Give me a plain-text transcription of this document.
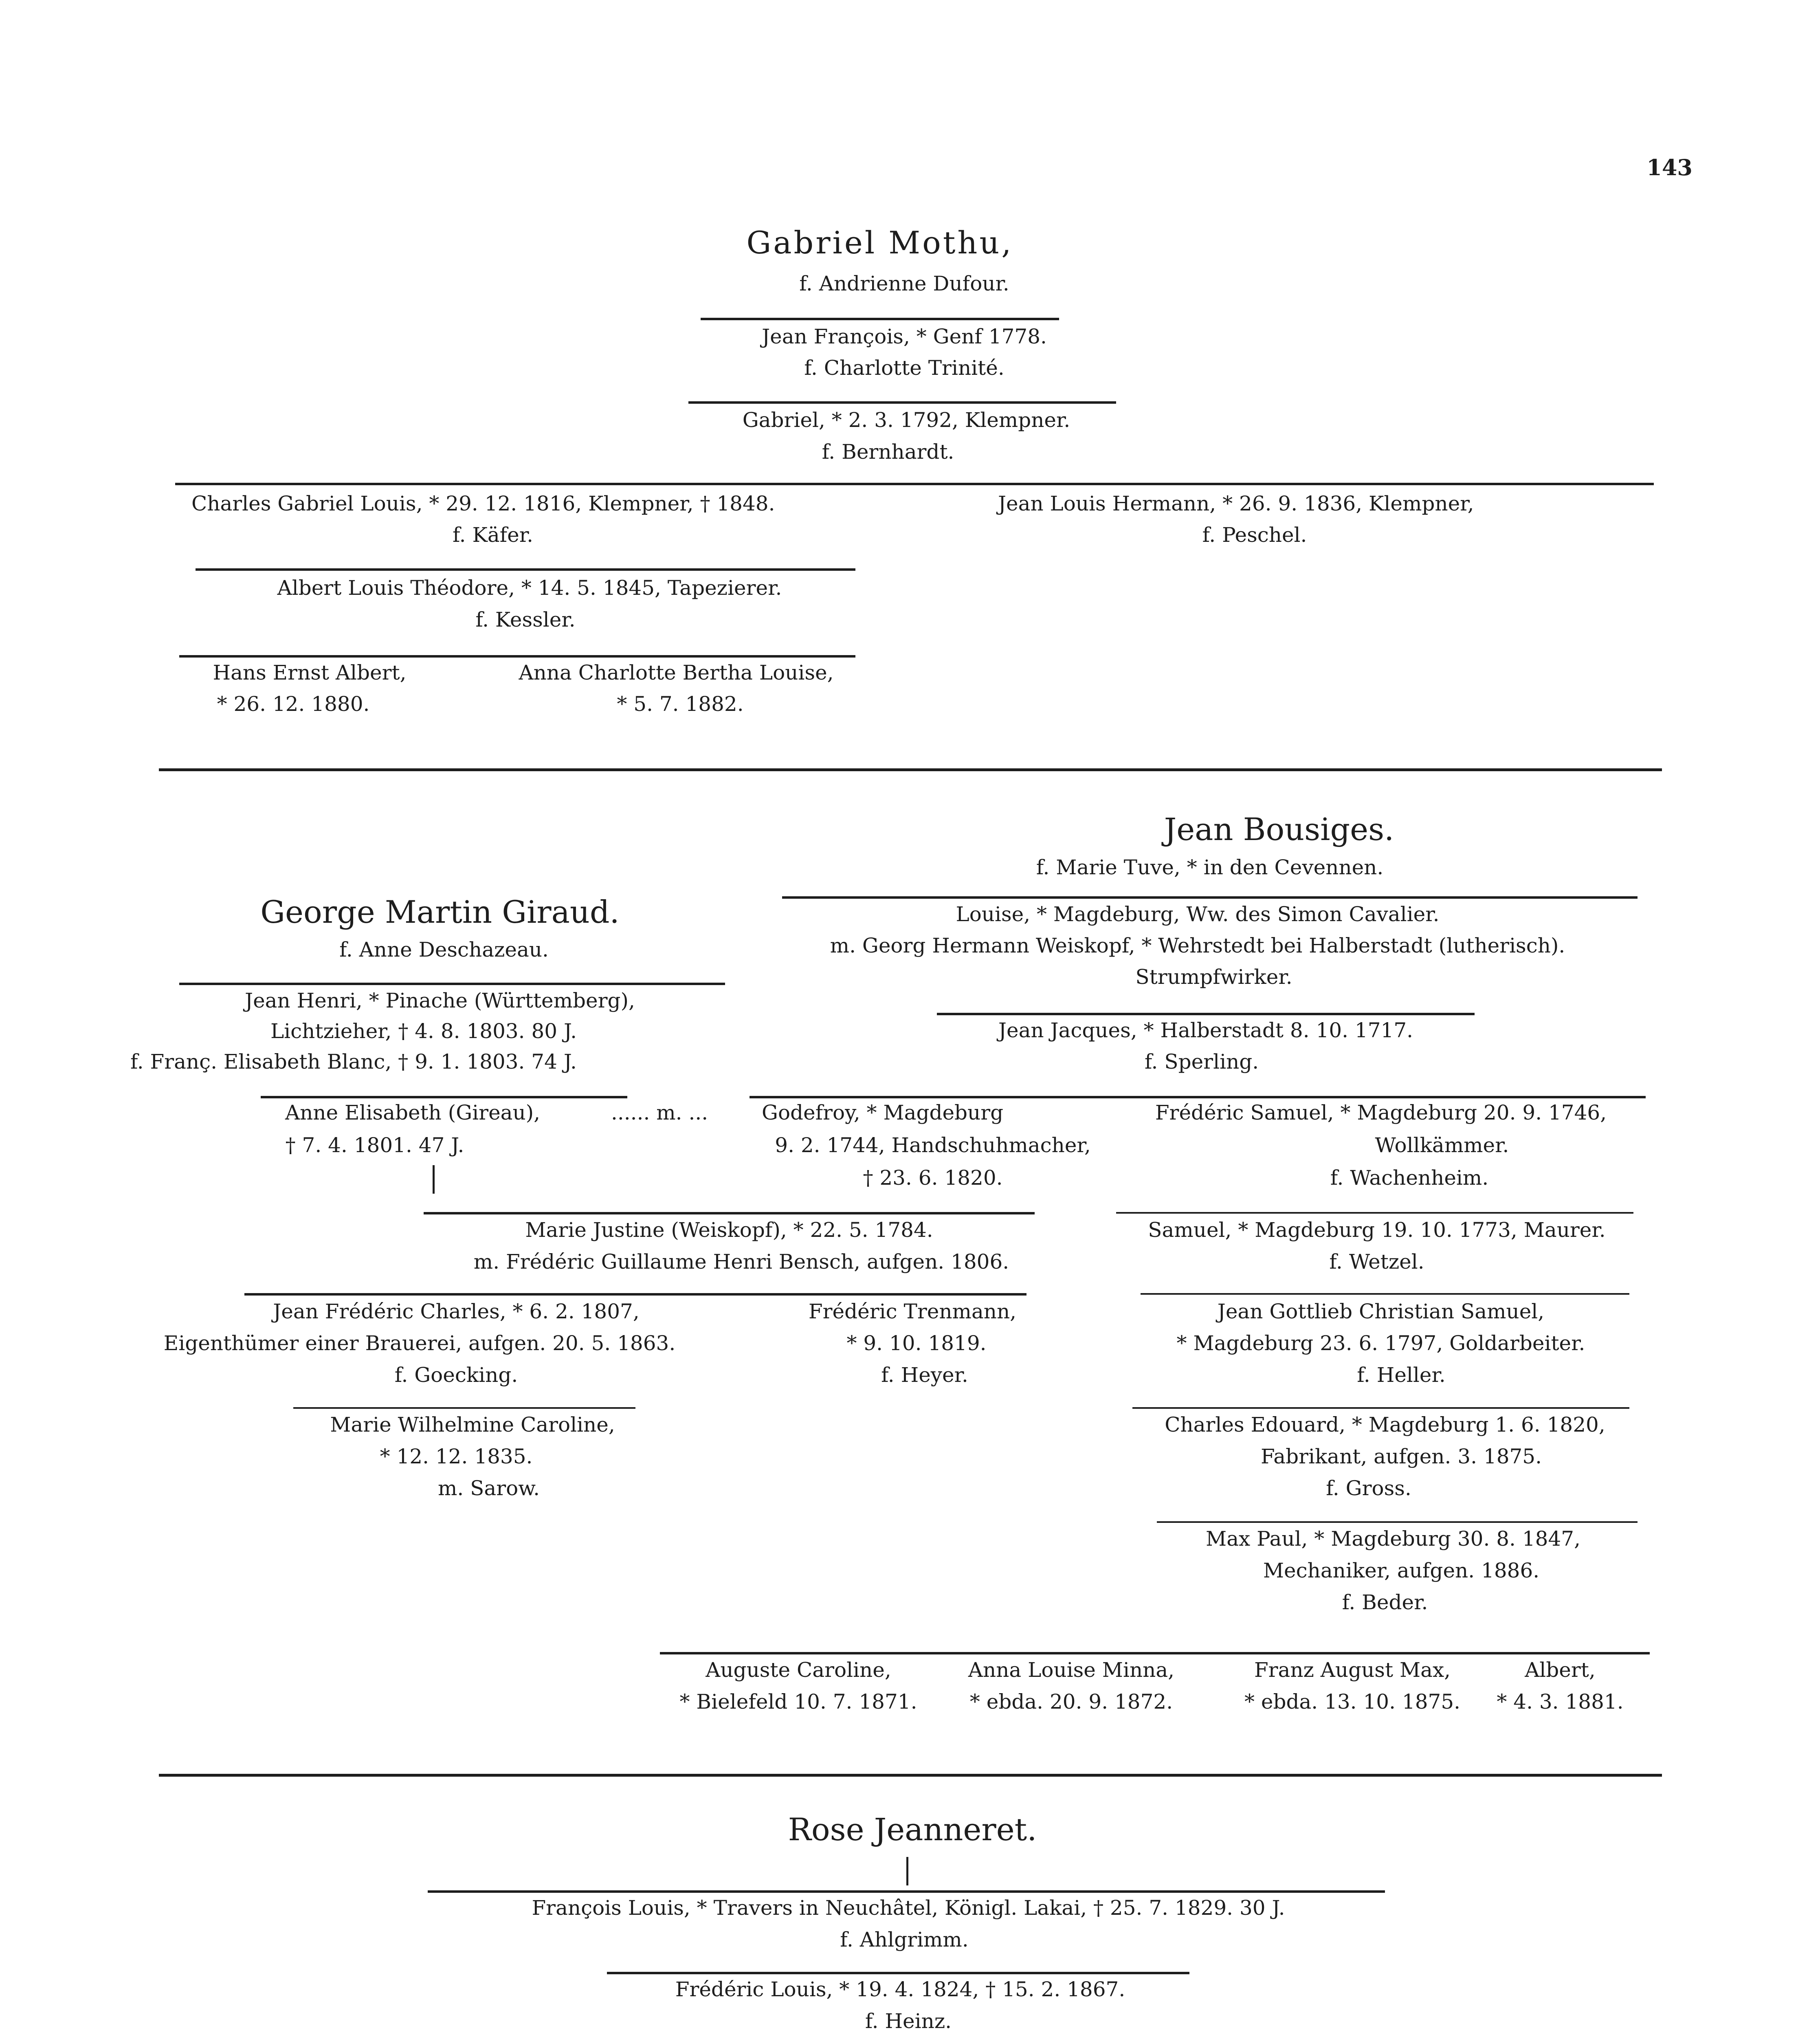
143
Gabriel Mothu,
f. Andrienne Dufour.
Jean François, * Genf 1778.
f. Charlotte Trinité.
Gabriel, * 2. 3. 1792, Klempner.
f. Bernhardt.
Charles Gabriel Louis, * 29. 12. 1816, Klempner, † 1848.
f. Käfer.
Jean Louis Hermann, * 26. 9. 1836, Klempner,
f. Peschel.
Albert Louis Théodore, * 14. 5. 1845, Tapezierer.
f. Kessler.
Hans Ernst Albert,
* 26. 12. 1880.
Anna Charlotte Bertha Louise,
* 5. 7. 1882.
George Martin Giraud.
f. Anne Deschazeau.
Jean Henri, * Pinache (Württemberg),
Lichtzieher, † 4. 8. 1803. 80 J.
f. Franç. Elisabeth Blanc, † 9. 1. 1803. 74 J.
Anne Elisabeth (Gireau),	...... m. ...
† 7. 4. 1801. 47 J.
Jean Bousiges.
f. Marie Tuve, * in den Cevennen.
Louise, * Magdeburg, Ww. des Simon Cavalier.
m. Georg Hermann Weiskopf, * Wehrstedt bei Halberstadt (lutherisch).
Strumpfwirker.
Jean Jacques, * Halberstadt 8. 10. 1717.
f. Sperling.
Godefroy, * Magdeburg
9. 2. 1744, Handschuhmacher,
† 23. 6. 1820.
Frédéric Samuel, * Magdeburg 20. 9. 1746,
Wollkämmer.
f. Wachenheim.
Samuel, * Magdeburg 19. 10. 1773, Maurer.
f. Wetzel.
Jean Gottlieb Christian Samuel,
* Magdeburg 23. 6. 1797, Goldarbeiter.
f. Heller.
Charles Edouard, * Magdeburg 1. 6. 1820,
Fabrikant, aufgen. 3. 1875.
f. Gross.
Max Paul, * Magdeburg 30. 8. 1847,
Mechaniker, aufgen. 1886.
f. Beder.
Auguste Caroline,
* Bielefeld 10. 7. 1871.
Anna Louise Minna,
* ebda. 20. 9. 1872.
Franz August Max,
* ebda. 13. 10. 1875.
Albert,
* 4. 3. 1881.
Marie Justine (Weiskopf), * 22. 5. 1784.
m. Frédéric Guillaume Henri Bensch, aufgen. 1806.
Jean Frédéric Charles, * 6. 2. 1807,
Eigenthümer einer Brauerei, aufgen. 20. 5. 1863.
f. Goecking.
Frédéric Trenmann,
* 9. 10. 1819.
f. Heyer.
Marie Wilhelmine Caroline,
* 12. 12. 1835.
m. Sarow.
Rose Jeanneret.
François Louis, * Travers in Neuchâtel, Königl. Lakai, † 25. 7. 1829. 30 J.
f. Ahlgrimm.
Frédéric Louis, * 19. 4. 1824, † 15. 2. 1867.
f. Heinz.
